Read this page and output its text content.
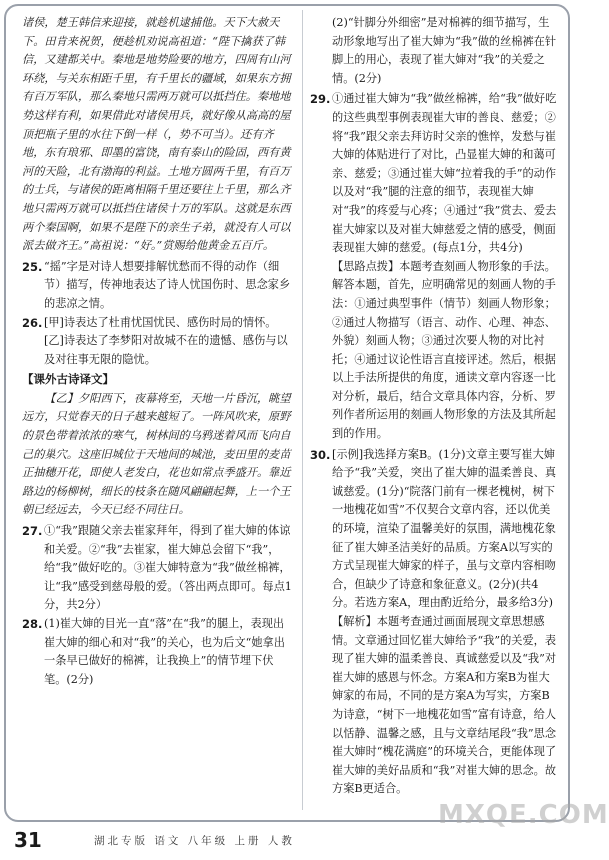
诸侯，楚王韩信来迎接，就趁机逮捕他。天下大赦天下。田肯来祝贺，便趁机劝说高祖道：“陛下擒获了韩信，又建都关中。秦地是地势险要的地方，四周有山河环绕，与关东相距千里，有千里长的疆域，如果东方拥有百万军队，那么秦地只需两万就可以抵挡住。秦地地势这样有利，如果借此对诸侯用兵，就好像从高高的屋顶把瓶子里的水往下倒一样（，势不可当）。还有齐地，东有琅邪、即墨的富饶，南有泰山的险固，西有黄河的天险，北有渤海的利益。土地方圆两千里，有百万的士兵，与诸侯的距离相隔千里还要往上千里，那么齐地只需两万就可以抵挡住诸侯十万的军队。这就是东西两个秦国啊，如果不是陛下的亲生子弟，就没有人可以派去做齐王。”高祖说：“好。”赏赐给他黄金五百斤。

25. “摇”字是对诗人想要排解忧愁而不得的动作（细节）描写，传神地表达了诗人忧国伤时、思念家乡的悲凉之情。
26. [甲]诗表达了杜甫忧国忧民、感伤时局的情怀。[乙]诗表达了李梦阳对故城不在的遗憾、感伤与以及对往事无限的隐忧。
【课外古诗译文】

【乙】夕阳西下，夜幕将至，天地一片昏沉，眺望远方，只觉春天的日子越来越短了。一阵风吹来，原野的景色带着浓浓的寒气，树林间的乌鸦迷着风而飞向自己的巢穴。这座旧城位于天地间的城池，麦田里的麦苗正抽穗开花，即使人老发白，花也如常点季盛开。靠近路边的杨柳树，细长的枝条在随风翩翩起舞，上一个王朝已经远去，今天已经不同往日。

27. ①“我”跟随父亲去崔家拜年，得到了崔大婶的体谅和关爱。②“我”去崔家，崔大婶总会留下“我”，给“我”做好吃的。③崔大婶特意为“我”做丝棉裤，让“我”感受到慈母般的爱。（答出两点即可。每点1分，共2分）
28. (1)崔大婶的目光一直“落”在“我”的腿上，表现出崔大婶的细心和对“我”的关心，也为后文“她拿出一条早已做好的棉裤，让我换上”的情节埋下伏笔。(2分)

(2)“针脚分外细密”是对棉裤的细节描写，生动形象地写出了崔大婶为“我”做的丝棉裤在针脚上的用心，表现了崔大婶对“我”的关爱之情。(2分)

29. ①通过崔大婶为“我”做丝棉裤，给“我”做好吃的这些典型事例表现崔大审的善良、慈爱；②将“我”跟父亲去拜访时父亲的憔悴，发愁与崔大婶的体贴进行了对比，凸显崔大婶的和蔼可亲、慈爱；③通过崔大婶“拉着我的手”的动作以及对“我”腿的注意的细节，表现崔大婶对“我”的疼爱与心疼；④通过“我”赏去、爱去崔大婶家以及对崔大婶慈爱之情的感受，侧面表现崔大婶的慈爱。(每点1分，共4分)

【思路点拨】本题考查刻画人物形象的手法。解答本题，首先，应明确常见的刻画人物的手法：①通过典型事件（情节）刻画人物形象；②通过人物描写（语言、动作、心理、神态、外貌）刻画人物；③通过次要人物的对比衬托；④通过议论性语言直接评述。然后，根据以上手法所提供的角度，通读文章内容逐一比对分析，最后，结合文章具体内容，分析、罗列作者所运用的刻画人物形象的方法及其所起到的作用。

30. [示例]我选择方案B。(1分)文章主要写崔大婶给予“我”关爱，突出了崔大婶的温柔善良、真诚慈爱。(1分)“院落门前有一棵老槐树，树下一地槐花如雪”不仅契合文章内容，还以优美的环境，渲染了温馨美好的氛围，满地槐花象征了崔大婶圣洁美好的品质。方案A以写实的方式呈现崔大婶家的样子，虽与文章内容相吻合，但缺少了诗意和象征意义。(2分)(共4分。若选方案A，理由酌近给分，最多给3分)

【解析】本题考查通过画面展现文章思想感情。文章通过回忆崔大婶给予“我”的关爱，表现了崔大婶的温柔善良、真诚慈爱以及“我”对崔大婶的感恩与怀念。方案A和方案B为崔大婶家的布局，不同的是方案A为写实，方案B为诗意，“树下一地槐花如雪”富有诗意，给人以恬静、温馨之感，且与文章结尾段“我”思念崔大婶时“槐花满庭”的环境关合，更能体现了崔大婶的美好品质和“我”对崔大婶的思念。故方案B更适合。

MXQE.COM
31	湖北专版 语文 八年级 上册 人教
